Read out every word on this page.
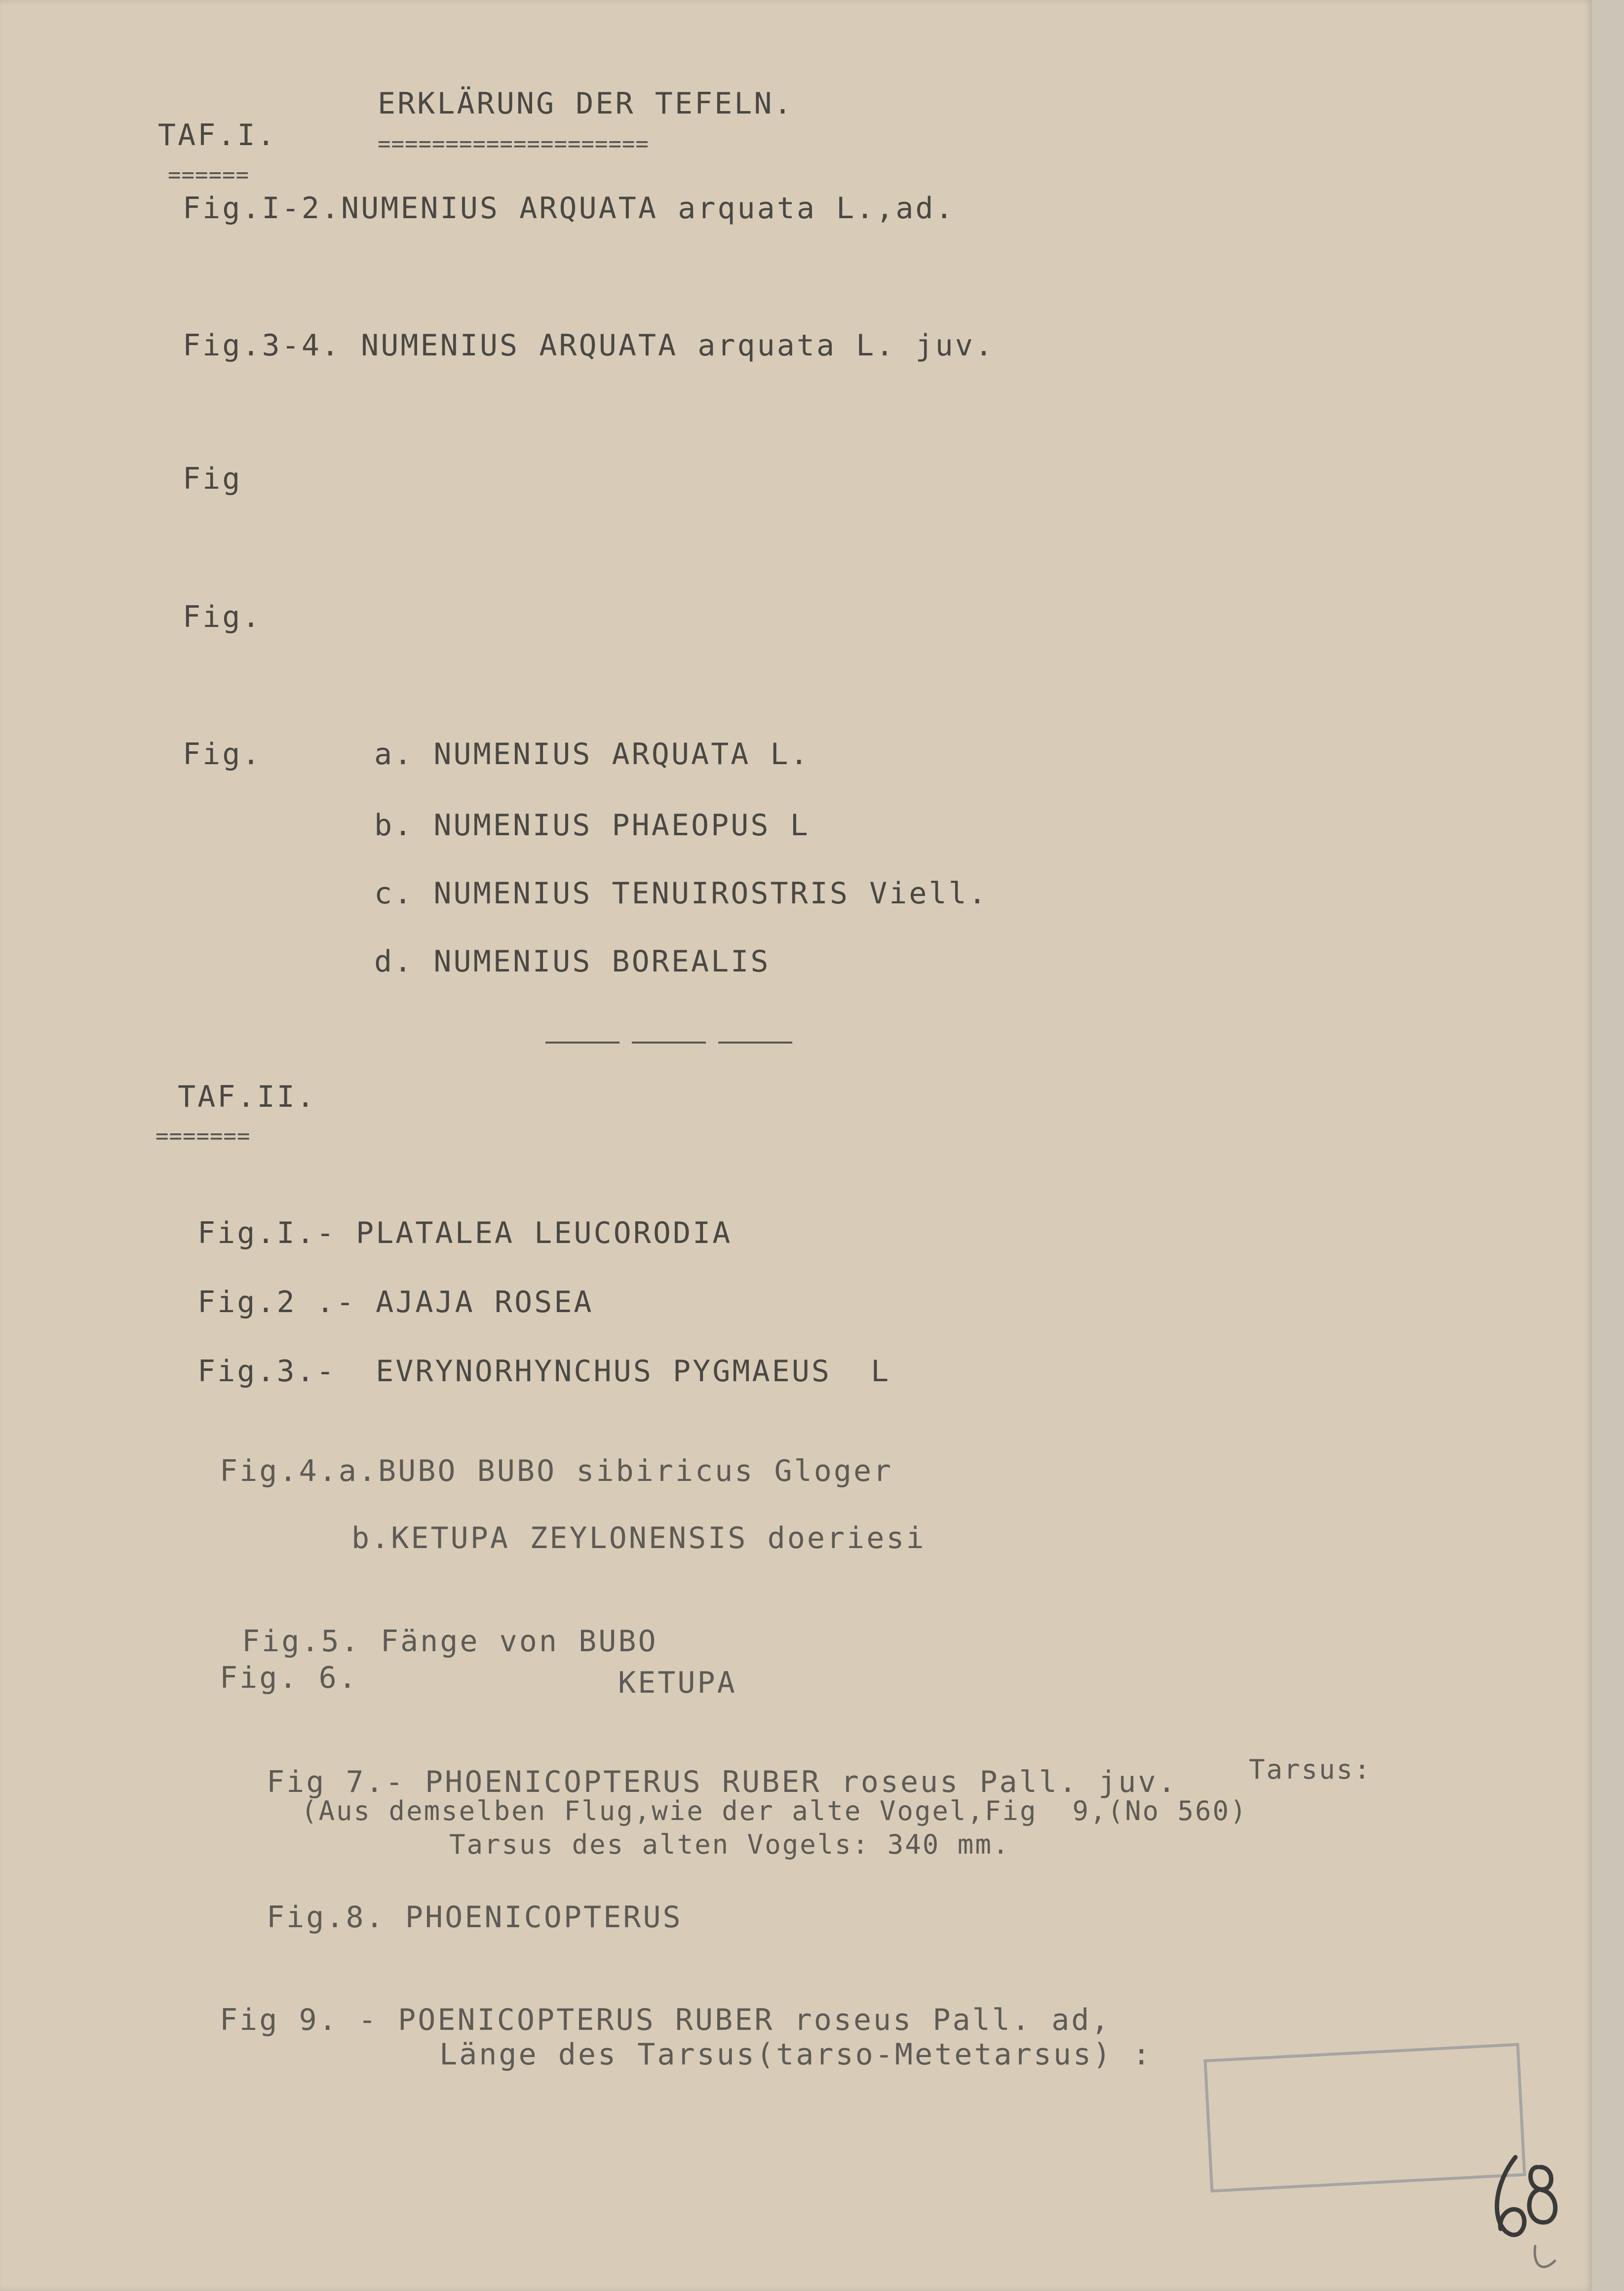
ERKLÄRUNG DER TEFELN.
====================
TAF.I.
======
Fig.I-2.NUMENIUS ARQUATA arquata L.,ad.
Fig.3-4. NUMENIUS ARQUATA arquata L. juv.
Fig
Fig.
Fig.	a. NUMENIUS ARQUATA L.
b. NUMENIUS PHAEOPUS L
c. NUMENIUS TENUIROSTRIS Viell.
d. NUMENIUS BOREALIS
TAF.II.
=======
Fig.I.- PLATALEA LEUCORODIA
Fig.2 .- AJAJA ROSEA
Fig.3.-  EVRYNORHYNCHUS PYGMAEUS  L
Fig.4.a.BUBO BUBO sibiricus Gloger
b.KETUPA ZEYLONENSIS doeriesi
Fig.5. Fänge von BUBO
Fig. 6.	KETUPA
Fig 7.- PHOENICOPTERUS RUBER roseus Pall. juv.	Tarsus:
(Aus demselben Flug,wie der alte Vogel,Fig  9,(No 560)
Tarsus des alten Vogels: 340 mm.
Fig.8. PHOENICOPTERUS
Fig 9. - POENICOPTERUS RUBER roseus Pall. ad,
Länge des Tarsus(tarso-Metetarsus) :
